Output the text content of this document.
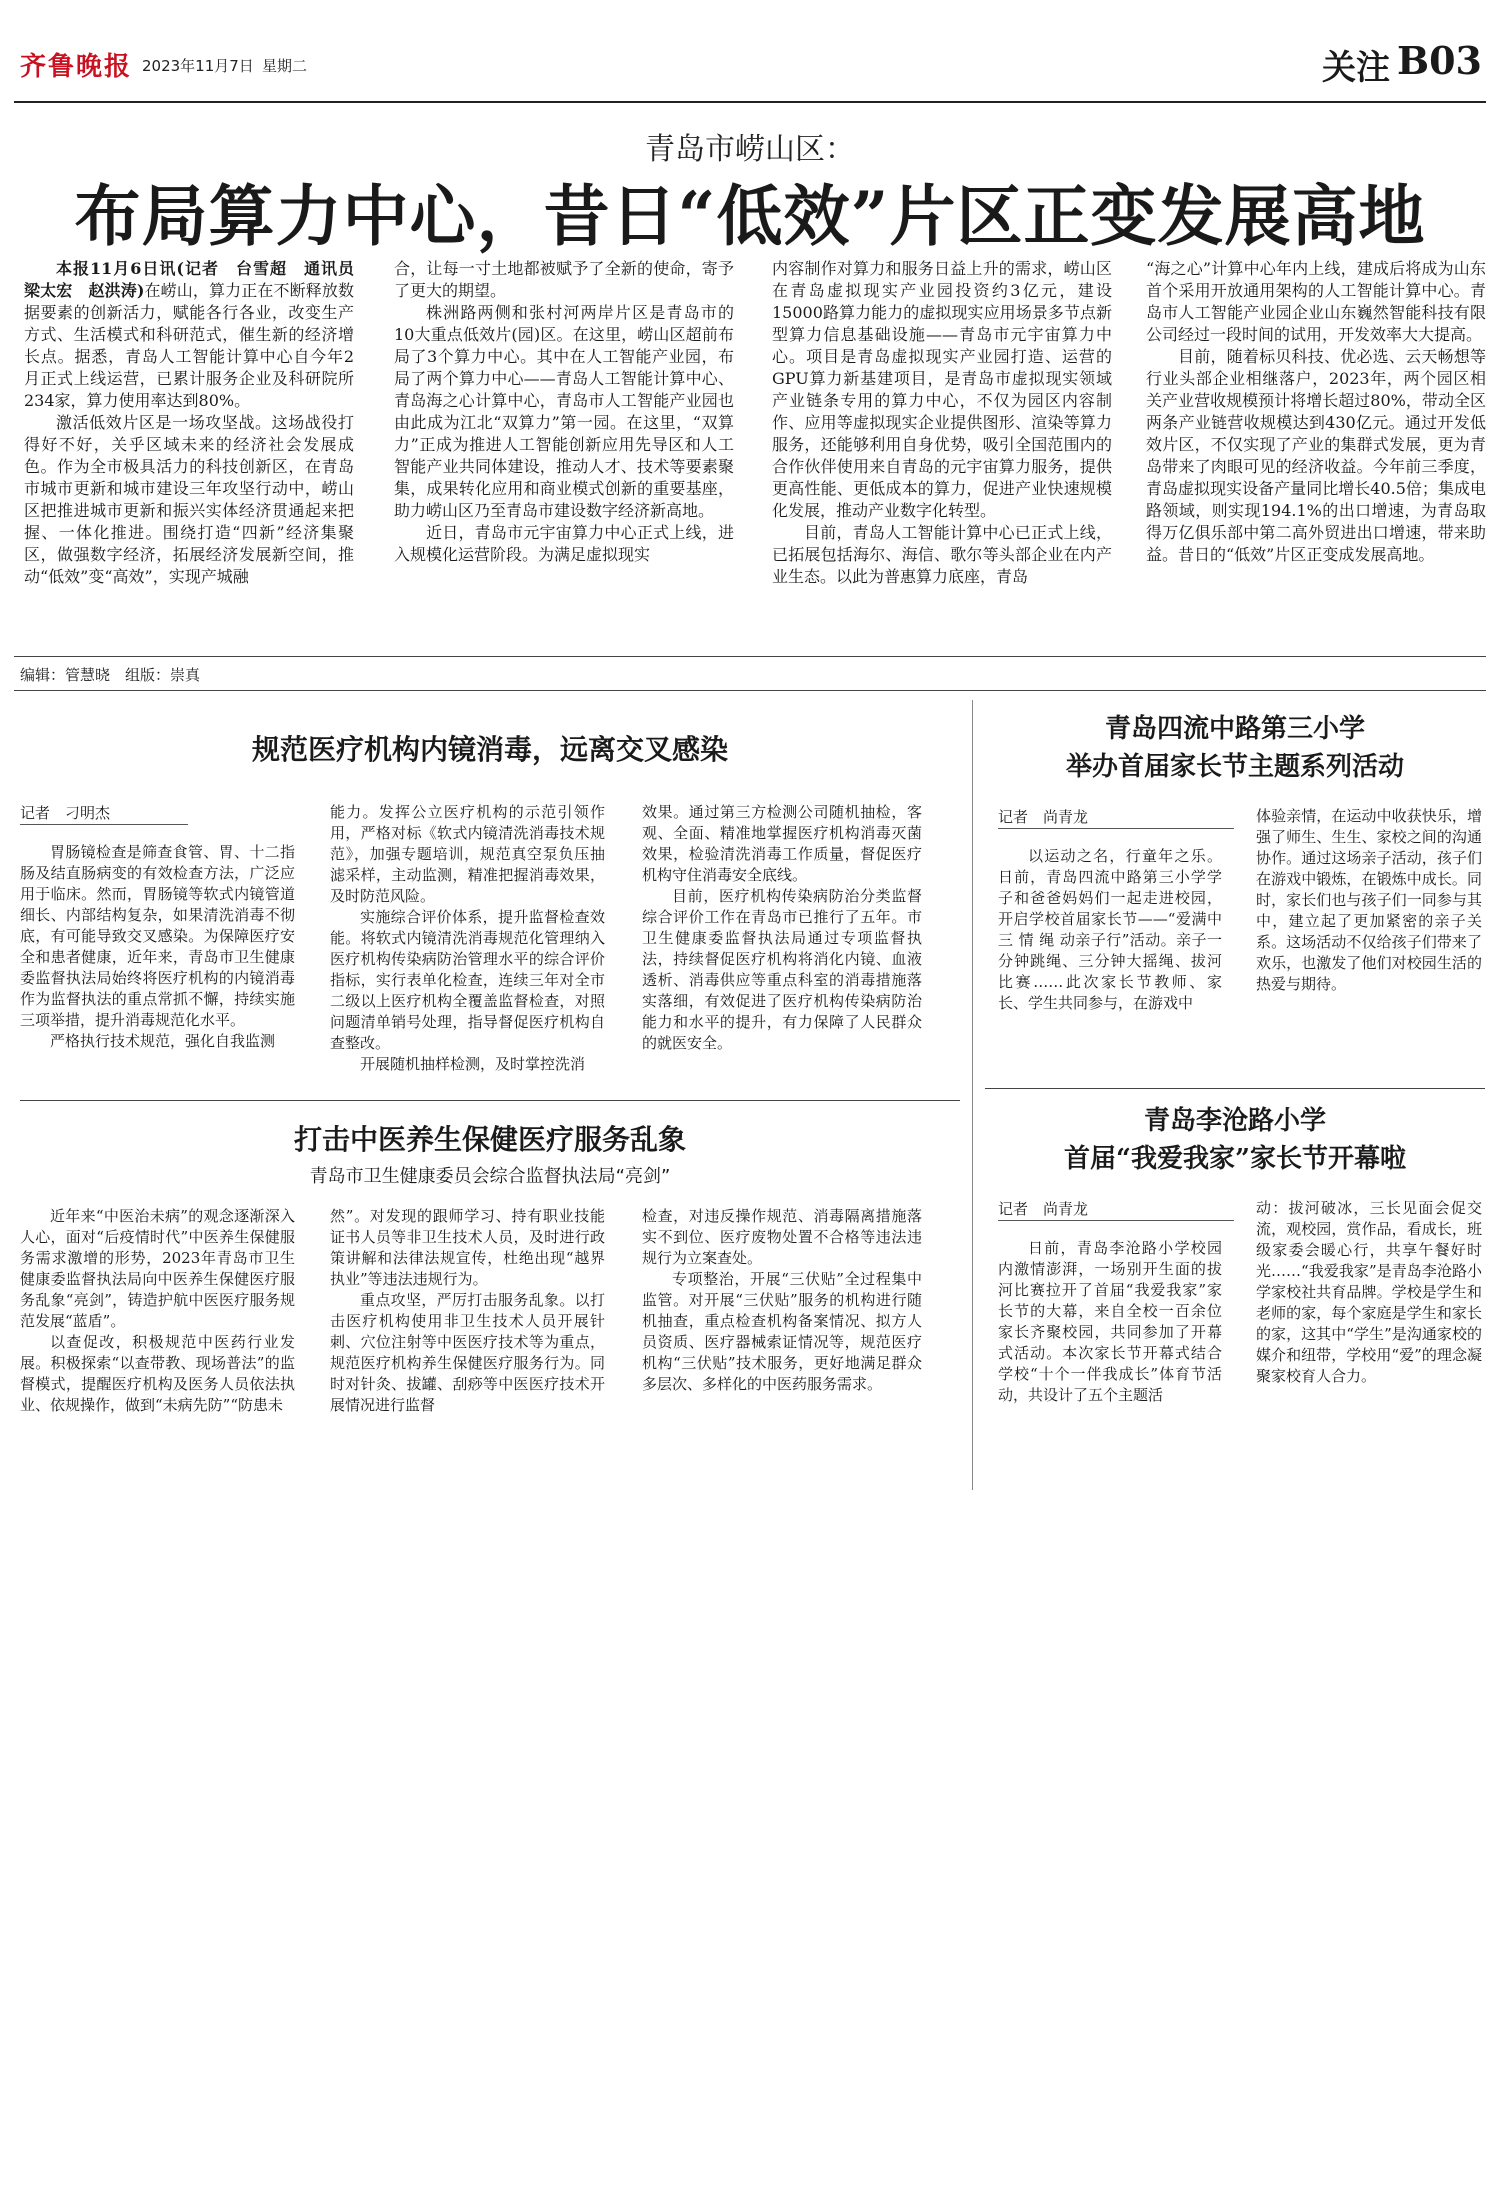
齐鲁晚报 2023年11月7日 星期二	关注 B03
青岛市崂山区：
布局算力中心，昔日“低效”片区正变发展高地

本报11月6日讯(记者　台雪超　通讯员　梁太宏　赵洪涛)在崂山，算力正在不断释放数据要素的创新活力，赋能各行各业，改变生产方式、生活模式和科研范式，催生新的经济增长点。据悉，青岛人工智能计算中心自今年2月正式上线运营，已累计服务企业及科研院所234家，算力使用率达到80%。

激活低效片区是一场攻坚战。这场战役打得好不好，关乎区域未来的经济社会发展成色。作为全市极具活力的科技创新区，在青岛市城市更新和城市建设三年攻坚行动中，崂山区把推进城市更新和振兴实体经济贯通起来把握、一体化推进。围绕打造“四新”经济集聚区，做强数字经济，拓展经济发展新空间，推动“低效”变“高效”，实现产城融

合，让每一寸土地都被赋予了全新的使命，寄予了更大的期望。

株洲路两侧和张村河两岸片区是青岛市的10大重点低效片(园)区。在这里，崂山区超前布局了3个算力中心。其中在人工智能产业园，布局了两个算力中心——青岛人工智能计算中心、青岛海之心计算中心，青岛市人工智能产业园也由此成为江北“双算力”第一园。在这里，“双算力”正成为推进人工智能创新应用先导区和人工智能产业共同体建设，推动人才、技术等要素聚集，成果转化应用和商业模式创新的重要基座，助力崂山区乃至青岛市建设数字经济新高地。

近日，青岛市元宇宙算力中心正式上线，进入规模化运营阶段。为满足虚拟现实

内容制作对算力和服务日益上升的需求，崂山区在青岛虚拟现实产业园投资约3亿元，建设15000路算力能力的虚拟现实应用场景多节点新型算力信息基础设施——青岛市元宇宙算力中心。项目是青岛虚拟现实产业园打造、运营的GPU算力新基建项目，是青岛市虚拟现实领域产业链条专用的算力中心，不仅为园区内容制作、应用等虚拟现实企业提供图形、渲染等算力服务，还能够利用自身优势，吸引全国范围内的合作伙伴使用来自青岛的元宇宙算力服务，提供更高性能、更低成本的算力，促进产业快速规模化发展，推动产业数字化转型。

目前，青岛人工智能计算中心已正式上线，已拓展包括海尔、海信、歌尔等头部企业在内产业生态。以此为普惠算力底座，青岛

“海之心”计算中心年内上线，建成后将成为山东首个采用开放通用架构的人工智能计算中心。青岛市人工智能产业园企业山东巍然智能科技有限公司经过一段时间的试用，开发效率大大提高。

目前，随着标贝科技、优必选、云天畅想等行业头部企业相继落户，2023年，两个园区相关产业营收规模预计将增长超过80%，带动全区两条产业链营收规模达到430亿元。通过开发低效片区，不仅实现了产业的集群式发展，更为青岛带来了肉眼可见的经济收益。今年前三季度，青岛虚拟现实设备产量同比增长40.5倍；集成电路领域，则实现194.1%的出口增速，为青岛取得万亿俱乐部中第二高外贸进出口增速，带来助益。昔日的“低效”片区正变成发展高地。

编辑：管慧晓　组版：崇真
规范医疗机构内镜消毒，远离交叉感染
记者　刁明杰

胃肠镜检查是筛查食管、胃、十二指肠及结直肠病变的有效检查方法，广泛应用于临床。然而，胃肠镜等软式内镜管道细长、内部结构复杂，如果清洗消毒不彻底，有可能导致交叉感染。为保障医疗安全和患者健康，近年来，青岛市卫生健康委监督执法局始终将医疗机构的内镜消毒作为监督执法的重点常抓不懈，持续实施三项举措，提升消毒规范化水平。

严格执行技术规范，强化自我监测

能力。发挥公立医疗机构的示范引领作用，严格对标《软式内镜清洗消毒技术规范》，加强专题培训，规范真空泵负压抽滤采样，主动监测，精准把握消毒效果，及时防范风险。

实施综合评价体系，提升监督检查效能。将软式内镜清洗消毒规范化管理纳入医疗机构传染病防治管理水平的综合评价指标，实行表单化检查，连续三年对全市二级以上医疗机构全覆盖监督检查，对照问题清单销号处理，指导督促医疗机构自查整改。

开展随机抽样检测，及时掌控洗消

效果。通过第三方检测公司随机抽检，客观、全面、精准地掌握医疗机构消毒灭菌效果，检验清洗消毒工作质量，督促医疗机构守住消毒安全底线。

目前，医疗机构传染病防治分类监督综合评价工作在青岛市已推行了五年。市卫生健康委监督执法局通过专项监督执法，持续督促医疗机构将消化内镜、血液透析、消毒供应等重点科室的消毒措施落实落细，有效促进了医疗机构传染病防治能力和水平的提升，有力保障了人民群众的就医安全。

打击中医养生保健医疗服务乱象
青岛市卫生健康委员会综合监督执法局“亮剑”

近年来“中医治未病”的观念逐渐深入人心，面对“后疫情时代”中医养生保健服务需求激增的形势，2023年青岛市卫生健康委监督执法局向中医养生保健医疗服务乱象“亮剑”，铸造护航中医医疗服务规范发展“蓝盾”。

以查促改，积极规范中医药行业发展。积极探索“以查带教、现场普法”的监督模式，提醒医疗机构及医务人员依法执业、依规操作，做到“未病先防”“防患未

然”。对发现的跟师学习、持有职业技能证书人员等非卫生技术人员，及时进行政策讲解和法律法规宣传，杜绝出现“越界执业”等违法违规行为。

重点攻坚，严厉打击服务乱象。以打击医疗机构使用非卫生技术人员开展针刺、穴位注射等中医医疗技术等为重点，规范医疗机构养生保健医疗服务行为。同时对针灸、拔罐、刮痧等中医医疗技术开展情况进行监督

检查，对违反操作规范、消毒隔离措施落实不到位、医疗废物处置不合格等违法违规行为立案查处。

专项整治，开展“三伏贴”全过程集中监管。对开展“三伏贴”服务的机构进行随机抽查，重点检查机构备案情况、拟方人员资质、医疗器械索证情况等，规范医疗机构“三伏贴”技术服务，更好地满足群众多层次、多样化的中医药服务需求。

青岛四流中路第三小学
举办首届家长节主题系列活动
记者　尚青龙

以运动之名，行童年之乐。日前，青岛四流中路第三小学学子和爸爸妈妈们一起走进校园，开启学校首届家长节——“爱满中三 情 绳 动亲子行”活动。亲子一分钟跳绳、三分钟大摇绳、拔河比赛……此次家长节教师、家长、学生共同参与，在游戏中

体验亲情，在运动中收获快乐，增强了师生、生生、家校之间的沟通协作。通过这场亲子活动，孩子们在游戏中锻炼，在锻炼中成长。同时，家长们也与孩子们一同参与其中，建立起了更加紧密的亲子关系。这场活动不仅给孩子们带来了欢乐，也激发了他们对校园生活的热爱与期待。

青岛李沧路小学
首届“我爱我家”家长节开幕啦
记者　尚青龙

日前，青岛李沧路小学校园内激情澎湃，一场别开生面的拔河比赛拉开了首届“我爱我家”家长节的大幕，来自全校一百余位家长齐聚校园，共同参加了开幕式活动。本次家长节开幕式结合学校“十个一伴我成长”体育节活动，共设计了五个主题活

动：拔河破冰，三长见面会促交流，观校园，赏作品，看成长，班级家委会暖心行，共享午餐好时光……“我爱我家”是青岛李沧路小学家校社共育品牌。学校是学生和老师的家，每个家庭是学生和家长的家，这其中“学生”是沟通家校的媒介和纽带，学校用“爱”的理念凝聚家校育人合力。
